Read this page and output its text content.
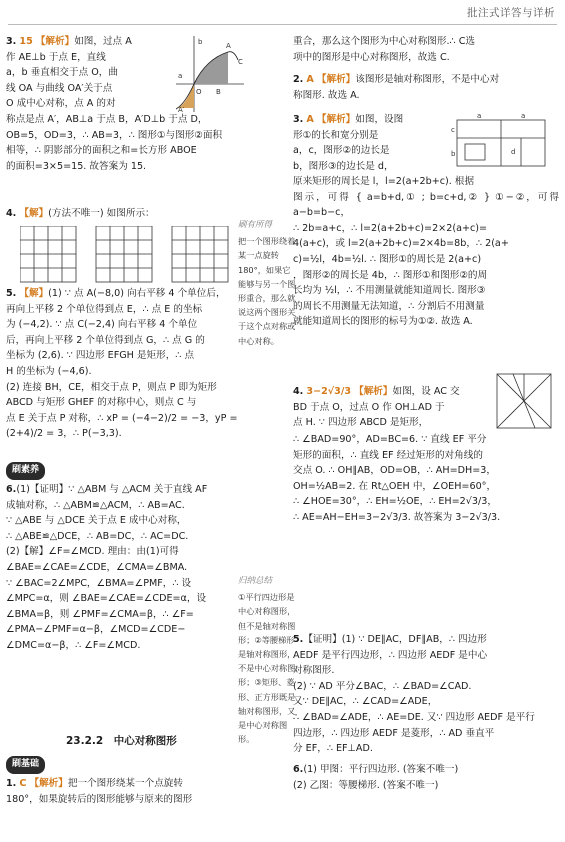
批注式详答与详析

3. 15 【解析】如图，过点 A

作 AE⊥b 于点 E，直线

a，b 垂直相交于点 O，曲

线 OA 与曲线 OA′关于点

O 成中心对称，点 A 的对

b
a
A
C
O B
A′

称点是点 A′，AB⊥a 于点 B，A′D⊥b 于点 D，

OB=5，OD=3，∴ AB=3，∴ 图形①与图形②面积

相等，∴ 阴影部分的面积之和=长方形 ABOE

的面积=3×5=15. 故答案为 15.

4. 【解】(方法不唯一) 如图所示：

5. 【解】(1) ∵ 点 A(−8,0) 向右平移 4 个单位后，

再向上平移 2 个单位得到点 E，∴ 点 E 的坐标

为 (−4,2). ∵ 点 C(−2,4) 向右平移 4 个单位

后，再向上平移 2 个单位得到点 G，∴ 点 G 的

坐标为 (2,6). ∵ 四边形 EFGH 是矩形，∴ 点

H 的坐标为 (−4,6).

(2) 连接 BH，CE，相交于点 P，则点 P 即为矩形

ABCD 与矩形 GHEF 的对称中心，则点 C 与

点 E 关于点 P 对称，∴ xP = (−4−2)/2 = −3，yP =

(2+4)/2 = 3，∴ P(−3,3).

刷素养

6.(1)【证明】∵ △ABM 与 △ACM 关于直线 AF

成轴对称，∴ △ABM≌△ACM，∴ AB=AC.

∵ △ABE 与 △DCE 关于点 E 成中心对称，

∴ △ABE≌△DCE，∴ AB=DC，∴ AC=DC.

(2)【解】∠F=∠MCD. 理由：由(1)可得

∠BAE=∠CAE=∠CDE，∠CMA=∠BMA.

∵ ∠BAC=2∠MPC，∠BMA=∠PMF，∴ 设

∠MPC=α，则 ∠BAE=∠CAE=∠CDE=α，设

∠BMA=β，则 ∠PMF=∠CMA=β，∴ ∠F=

∠PMA−∠PMF=α−β，∠MCD=∠CDE−

∠DMC=α−β，∴ ∠F=∠MCD.

23.2.2　中心对称图形
刷基础

1. C 【解析】把一个图形绕某一个点旋转

180°，如果旋转后的图形能够与原来的图形

刷有所得
把一个图形绕着某一点旋转180°，如果它能够与另一个图形重合，那么就说这两个图形关于这个点对称或中心对称。
归纳总结
①平行四边形是中心对称图形，但不是轴对称图形；②等腰梯形是轴对称图形，不是中心对称图形；③矩形、菱形、正方形既是轴对称图形，又是中心对称图形。

重合，那么这个图形为中心对称图形.∴ C选

项中的图形是中心对称图形，故选 C.

2. A 【解析】该图形是轴对称图形，不是中心对

称图形. 故选 A.

3. A 【解析】如图，设图

形①的长和宽分别是

a，c，图形②的边长是

b，图形③的边长是 d，

a	a
c
b	d

原来矩形的周长是 l，l=2(a+2b+c). 根据

图示，可得 { a=b+d,① ; b=c+d,② } ①−②，可得 a−b=b−c，

∴ 2b=a+c，∴ l=2(a+2b+c)=2×2(a+c)=

4(a+c)，或 l=2(a+2b+c)=2×4b=8b，∴ 2(a+

c)=½l，4b=½l. ∴ 图形①的周长是 2(a+c)

，图形②的周长是 4b，∴ 图形①和图形②的周

长均为 ½l，∴ 不用测量就能知道周长. 图形③

的周长不用测量无法知道，∴ 分割后不用测量

就能知道周长的图形的标号为①②. 故选 A.

4. 3−2√3/3 【解析】如图，设 AC 交

BD 于点 O，过点 O 作 OH⊥AD 于

点 H. ∵ 四边形 ABCD 是矩形，

∴ ∠BAD=90°，AD=BC=6. ∵ 直线 EF 平分

矩形的面积，∴ 直线 EF 经过矩形的对角线的

交点 O. ∴ OH∥AB，OD=OB，∴ AH=DH=3，

OH=½AB=2. 在 Rt△OEH 中，∠OEH=60°，

∴ ∠HOE=30°，∴ EH=½OE，∴ EH=2√3/3，

∴ AE=AH−EH=3−2√3/3. 故答案为 3−2√3/3.

5.【证明】(1) ∵ DE∥AC，DF∥AB，∴ 四边形

AEDF 是平行四边形，∴ 四边形 AEDF 是中心

对称图形.

(2) ∵ AD 平分∠BAC，∴ ∠BAD=∠CAD.

又∵ DE∥AC，∴ ∠CAD=∠ADE，

∴ ∠BAD=∠ADE，∴ AE=DE. 又∵ 四边形 AEDF 是平行

四边形，∴ 四边形 AEDF 是菱形，∴ AD 垂直平

分 EF，∴ EF⊥AD.

6.(1) 甲图：平行四边形. (答案不唯一)

(2) 乙图：等腰梯形. (答案不唯一)
